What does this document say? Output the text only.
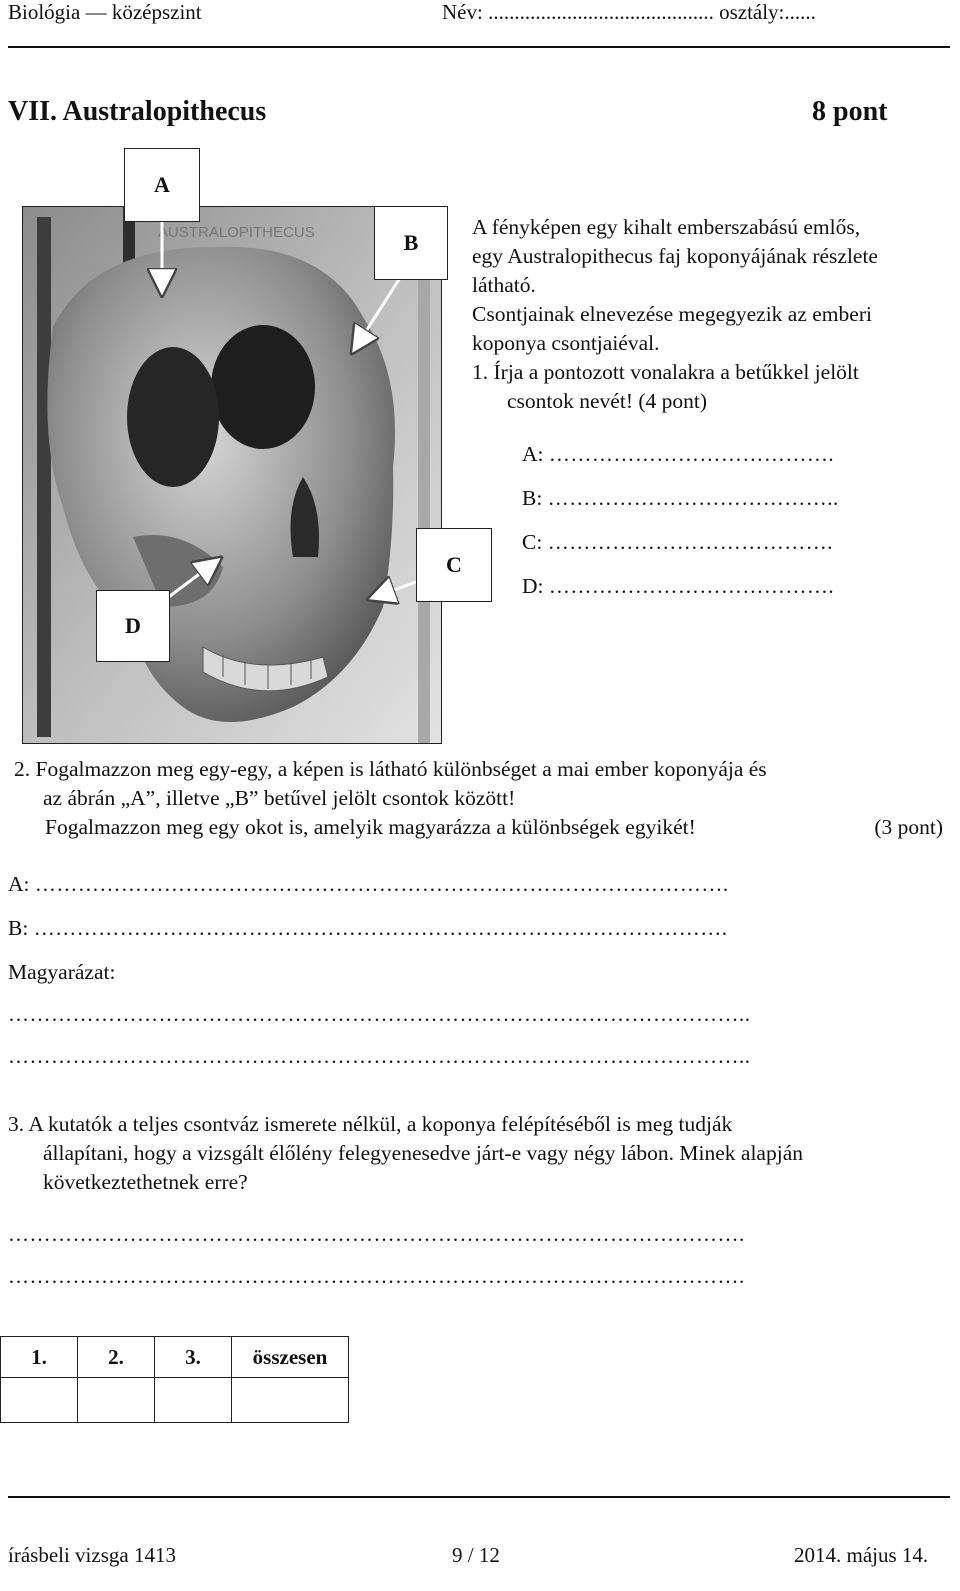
Biológia — középszint	Név: ........................................... osztály:......
VII. Australopithecus	8 pont
AUSTRALOPITHECUS
A
B
C
D
A fényképen egy kihalt emberszabású emlős,
egy Australopithecus faj koponyájának részlete
látható.
Csontjainak elnevezése megegyezik az emberi
koponya csontjaiéval.
1. Írja a pontozott vonalakra a betűkkel jelölt
csontok nevét! (4 pont)
A: ………………………………….
B: …………………………………..
C: ………………………………….
D: ………………………………….
2. Fogalmazzon meg egy-egy, a képen is látható különbséget a mai ember koponyája és
az ábrán „A”, illetve „B” betűvel jelölt csontok között!
Fogalmazzon meg egy okot is, amelyik magyarázza a különbségek egyikét!	(3 pont)
A: …………………………………………………………………………………….
B: …………………………………………………………………………………….
Magyarázat:
…………………………………………………………………………………………..
…………………………………………………………………………………………..
3. A kutatók a teljes csontváz ismerete nélkül, a koponya felépítéséből is meg tudják
állapítani, hogy a vizsgált élőlény felegyenesedve járt-e vagy négy lábon. Minek alapján
következtethetnek erre?
………………………………………………………………………………………….
………………………………………………………………………………………….
1.	2.	3.	összesen

írásbeli vizsga 1413	9 / 12	2014. május 14.
